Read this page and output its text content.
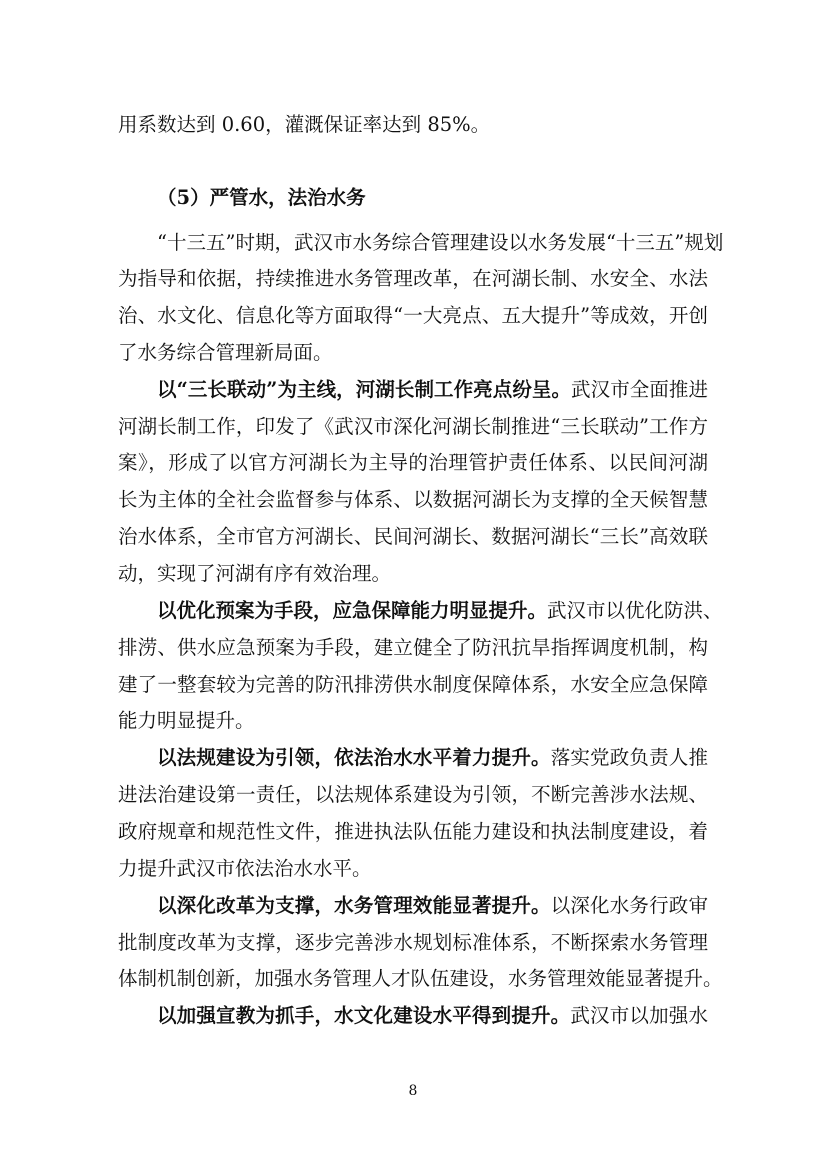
用系数达到 0.60，灌溉保证率达到 85%。
（5）严管水，法治水务
“十三五”时期，武汉市水务综合管理建设以水务发展“十三五”规划
为指导和依据，持续推进水务管理改革，在河湖长制、水安全、水法
治、水文化、信息化等方面取得“一大亮点、五大提升”等成效，开创
了水务综合管理新局面。
以“三长联动”为主线，河湖长制工作亮点纷呈。武汉市全面推进
河湖长制工作，印发了《武汉市深化河湖长制推进“三长联动”工作方
案》，形成了以官方河湖长为主导的治理管护责任体系、以民间河湖
长为主体的全社会监督参与体系、以数据河湖长为支撑的全天候智慧
治水体系，全市官方河湖长、民间河湖长、数据河湖长“三长”高效联
动，实现了河湖有序有效治理。
以优化预案为手段，应急保障能力明显提升。武汉市以优化防洪、
排涝、供水应急预案为手段，建立健全了防汛抗旱指挥调度机制，构
建了一整套较为完善的防汛排涝供水制度保障体系，水安全应急保障
能力明显提升。
以法规建设为引领，依法治水水平着力提升。落实党政负责人推
进法治建设第一责任，以法规体系建设为引领，不断完善涉水法规、
政府规章和规范性文件，推进执法队伍能力建设和执法制度建设，着
力提升武汉市依法治水水平。
以深化改革为支撑，水务管理效能显著提升。以深化水务行政审
批制度改革为支撑，逐步完善涉水规划标准体系，不断探索水务管理
体制机制创新，加强水务管理人才队伍建设，水务管理效能显著提升。
以加强宣教为抓手，水文化建设水平得到提升。武汉市以加强水
8
